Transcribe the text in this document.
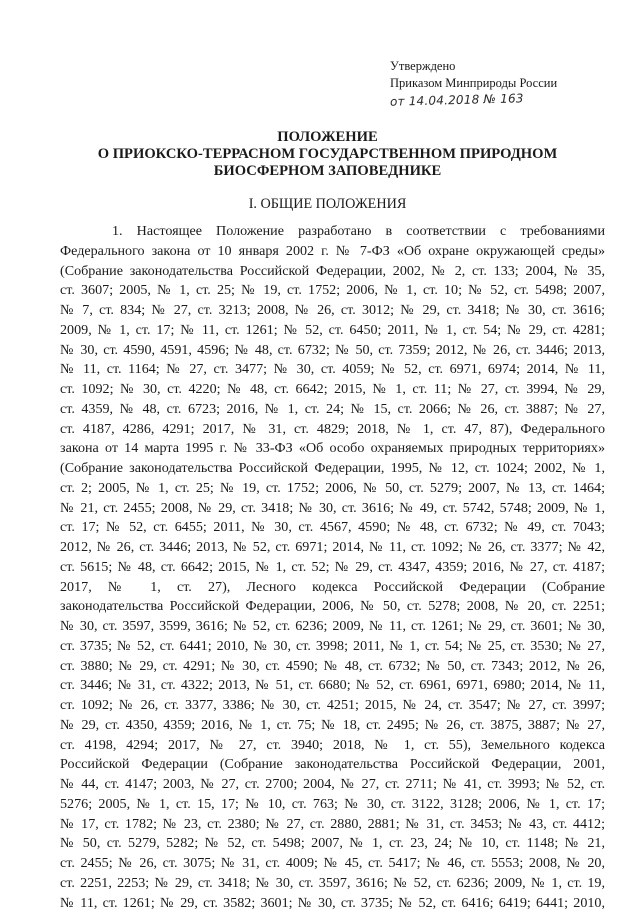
Утверждено
Приказом Минприроды России
от 14.04.2018 № 163
ПОЛОЖЕНИЕ
О ПРИОКСКО-ТЕРРАСНОМ ГОСУДАРСТВЕННОМ ПРИРОДНОМ
БИОСФЕРНОМ ЗАПОВЕДНИКЕ
I. ОБЩИЕ ПОЛОЖЕНИЯ
1. Настоящее Положение разработано в соответствии с требованиями
Федерального закона от 10 января 2002 г. № 7-ФЗ «Об охране окружающей среды»
(Собрание законодательства Российской Федерации, 2002, № 2, ст. 133; 2004, № 35,
ст. 3607; 2005, № 1, ст. 25; № 19, ст. 1752; 2006, № 1, ст. 10; № 52, ст. 5498; 2007,
№ 7, ст. 834; № 27, ст. 3213; 2008, № 26, ст. 3012; № 29, ст. 3418; № 30, ст. 3616;
2009, № 1, ст. 17; № 11, ст. 1261; № 52, ст. 6450; 2011, № 1, ст. 54; № 29, ст. 4281;
№ 30, ст. 4590, 4591, 4596; № 48, ст. 6732; № 50, ст. 7359; 2012, № 26, ст. 3446; 2013,
№ 11, ст. 1164; № 27, ст. 3477; № 30, ст. 4059; № 52, ст. 6971, 6974; 2014, № 11,
ст. 1092; № 30, ст. 4220; № 48, ст. 6642; 2015, № 1, ст. 11; № 27, ст. 3994, № 29,
ст. 4359, № 48, ст. 6723; 2016, № 1, ст. 24; № 15, ст. 2066; № 26, ст. 3887; № 27,
ст. 4187, 4286, 4291; 2017, № 31, ст. 4829; 2018, № 1, ст. 47, 87), Федерального
закона от 14 марта 1995 г. № 33-ФЗ «Об особо охраняемых природных территориях»
(Собрание законодательства Российской Федерации, 1995, № 12, ст. 1024; 2002, № 1,
ст. 2; 2005, № 1, ст. 25; № 19, ст. 1752; 2006, № 50, ст. 5279; 2007, № 13, ст. 1464;
№ 21, ст. 2455; 2008, № 29, ст. 3418; № 30, ст. 3616; № 49, ст. 5742, 5748; 2009, № 1,
ст. 17; № 52, ст. 6455; 2011, № 30, ст. 4567, 4590; № 48, ст. 6732; № 49, ст. 7043;
2012, № 26, ст. 3446; 2013, № 52, ст. 6971; 2014, № 11, ст. 1092; № 26, ст. 3377; № 42,
ст. 5615; № 48, ст. 6642; 2015, № 1, ст. 52; № 29, ст. 4347, 4359; 2016, № 27, ст. 4187;
2017, № 1, ст. 27), Лесного кодекса Российской Федерации (Собрание
законодательства Российской Федерации, 2006, № 50, ст. 5278; 2008, № 20, ст. 2251;
№ 30, ст. 3597, 3599, 3616; № 52, ст. 6236; 2009, № 11, ст. 1261; № 29, ст. 3601; № 30,
ст. 3735; № 52, ст. 6441; 2010, № 30, ст. 3998; 2011, № 1, ст. 54; № 25, ст. 3530; № 27,
ст. 3880; № 29, ст. 4291; № 30, ст. 4590; № 48, ст. 6732; № 50, ст. 7343; 2012, № 26,
ст. 3446; № 31, ст. 4322; 2013, № 51, ст. 6680; № 52, ст. 6961, 6971, 6980; 2014, № 11,
ст. 1092; № 26, ст. 3377, 3386; № 30, ст. 4251; 2015, № 24, ст. 3547; № 27, ст. 3997;
№ 29, ст. 4350, 4359; 2016, № 1, ст. 75; № 18, ст. 2495; № 26, ст. 3875, 3887; № 27,
ст. 4198, 4294; 2017, № 27, ст. 3940; 2018, № 1, ст. 55), Земельного кодекса
Российской Федерации (Собрание законодательства Российской Федерации, 2001,
№ 44, ст. 4147; 2003, № 27, ст. 2700; 2004, № 27, ст. 2711; № 41, ст. 3993; № 52, ст.
5276; 2005, № 1, ст. 15, 17; № 10, ст. 763; № 30, ст. 3122, 3128; 2006, № 1, ст. 17;
№ 17, ст. 1782; № 23, ст. 2380; № 27, ст. 2880, 2881; № 31, ст. 3453; № 43, ст. 4412;
№ 50, ст. 5279, 5282; № 52, ст. 5498; 2007, № 1, ст. 23, 24; № 10, ст. 1148; № 21,
ст. 2455; № 26, ст. 3075; № 31, ст. 4009; № 45, ст. 5417; № 46, ст. 5553; 2008, № 20,
ст. 2251, 2253; № 29, ст. 3418; № 30, ст. 3597, 3616; № 52, ст. 6236; 2009, № 1, ст. 19,
№ 11, ст. 1261; № 29, ст. 3582; 3601; № 30, ст. 3735; № 52, ст. 6416; 6419; 6441; 2010,
